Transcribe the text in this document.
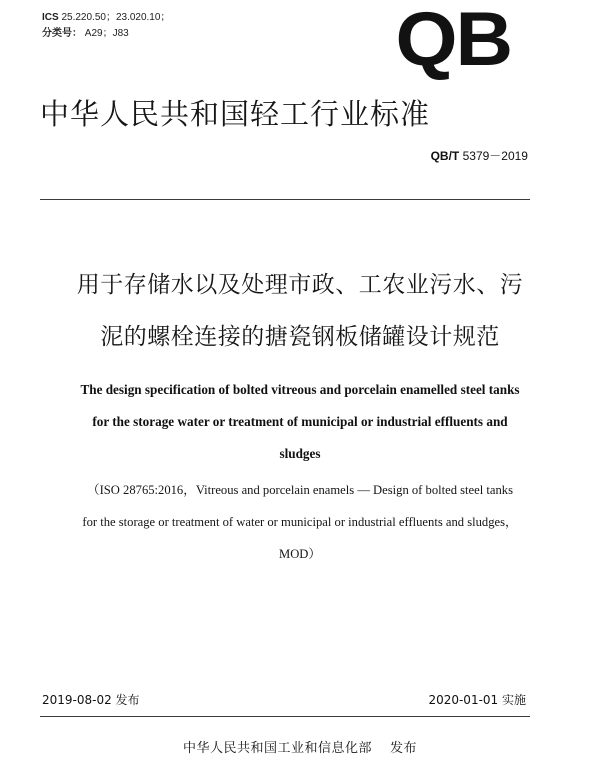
ICS 25.220.50；23.020.10；
分类号： A29；J83	QB
中华人民共和国轻工行业标准
QB/T 5379－2019
用于存储水以及处理市政、工农业污水、污
泥的螺栓连接的搪瓷钢板储罐设计规范
The design specification of bolted vitreous and porcelain enamelled steel tanks
for the storage water or treatment of municipal or industrial effluents and
sludges
（ISO 28765:2016，Vitreous and porcelain enamels — Design of bolted steel tanks
for the storage or treatment of water or municipal or industrial effluents and sludges，
MOD）
2019-08-02 发布	2020-01-01 实施
中华人民共和国工业和信息化部 发布
